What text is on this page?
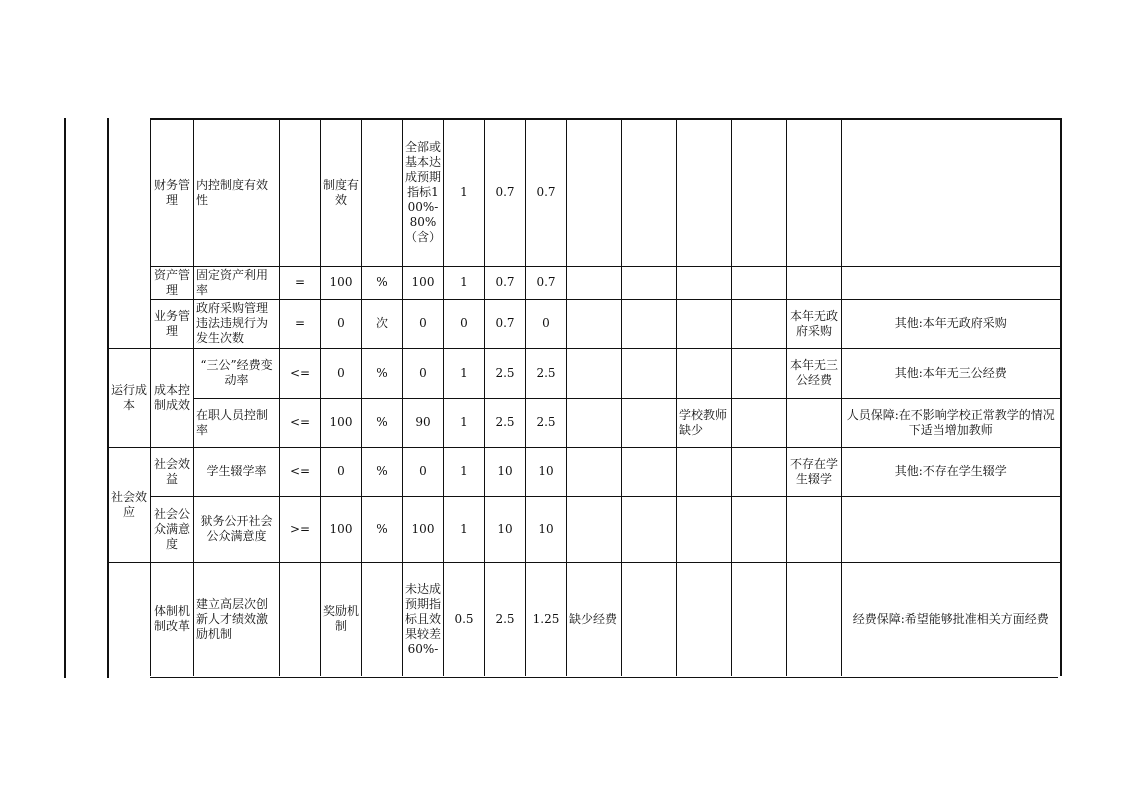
	财务管理	内控制度有效性		制度有效		全部或基本达成预期指标100%-80%（含）	1	0.7	0.7						
	资产管理	固定资产利用率	=	100	%	100	1	0.7	0.7						
	业务管理	政府采购管理违法违规行为发生次数	=	0	次	0	0	0.7	0					本年无政府采购	其他:本年无政府采购
运行成本	成本控制成效	“三公”经费变动率	<=	0	%	0	1	2.5	2.5					本年无三公经费	其他:本年无三公经费
		在职人员控制率	<=	100	%	90	1	2.5	2.5			学校教师缺少			人员保障:在不影响学校正常教学的情况下适当增加教师
社会效应	社会效益	学生辍学率	<=	0	%	0	1	10	10					不存在学生辍学	其他:不存在学生辍学
	社会公众满意度	狱务公开社会公众满意度	>=	100	%	100	1	10	10						
	体制机制改革	建立高层次创新人才绩效激励机制		奖励机制		未达成预期指标且效果较差60%-	0.5	2.5	1.25	缺少经费					经费保障:希望能够批准相关方面经费
